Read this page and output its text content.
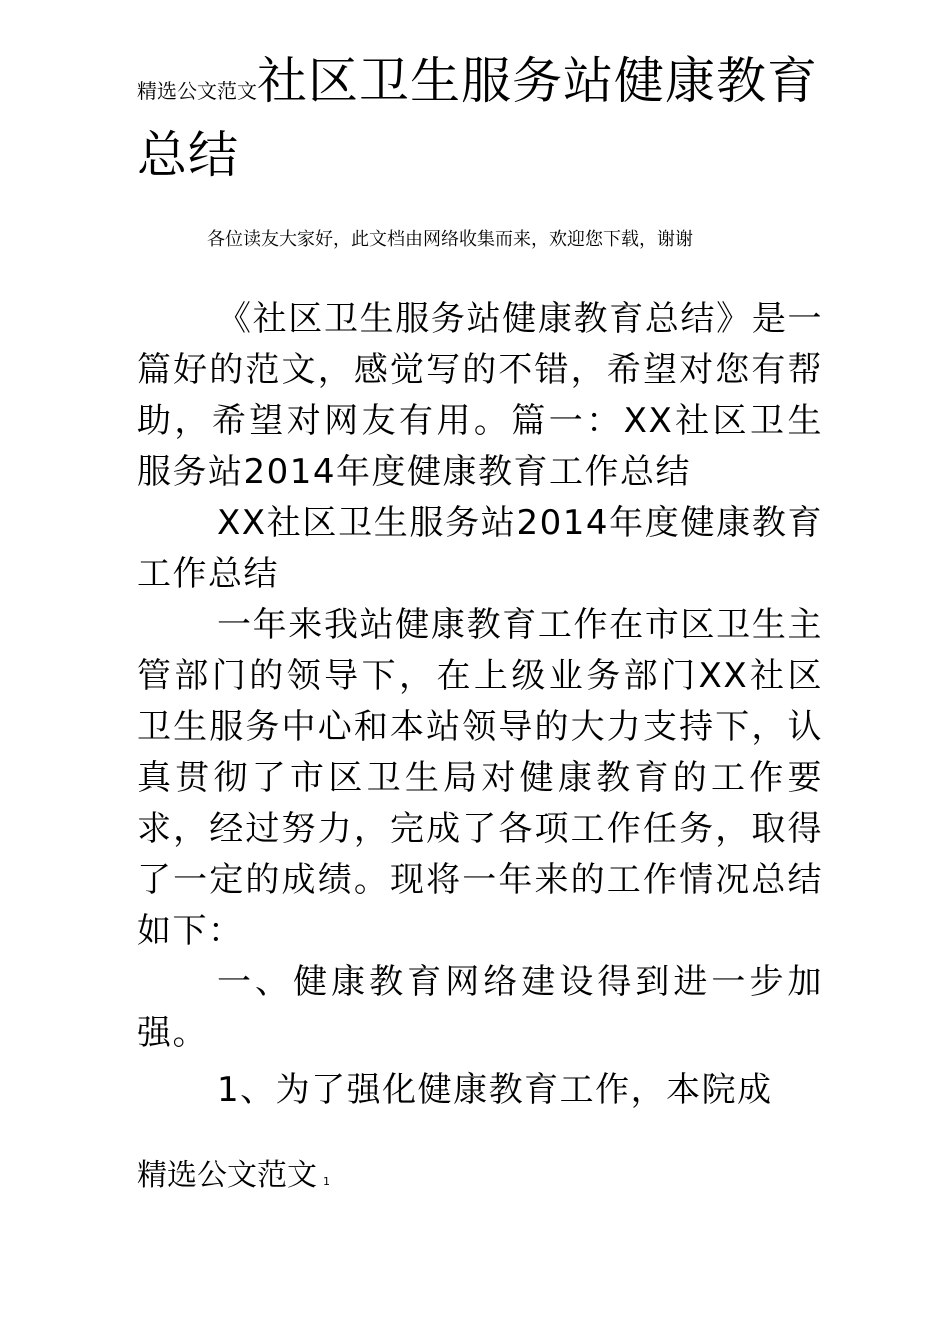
精选公文范文社区卫生服务站健康教育总结
各位读友大家好，此文档由网络收集而来，欢迎您下载，谢谢

《社区卫生服务站健康教育总结》是一篇好的范文，感觉写的不错，希望对您有帮助，希望对网友有用。篇一：XX社区卫生服务站2014年度健康教育工作总结

XX社区卫生服务站2014年度健康教育工作总结

一年来我站健康教育工作在市区卫生主管部门的领导下，在上级业务部门XX社区卫生服务中心和本站领导的大力支持下，认真贯彻了市区卫生局对健康教育的工作要求，经过努力，完成了各项工作任务，取得了一定的成绩。现将一年来的工作情况总结如下：

一、健康教育网络建设得到进一步加强。

1、为了强化健康教育工作，本院成

精选公文范文 1
